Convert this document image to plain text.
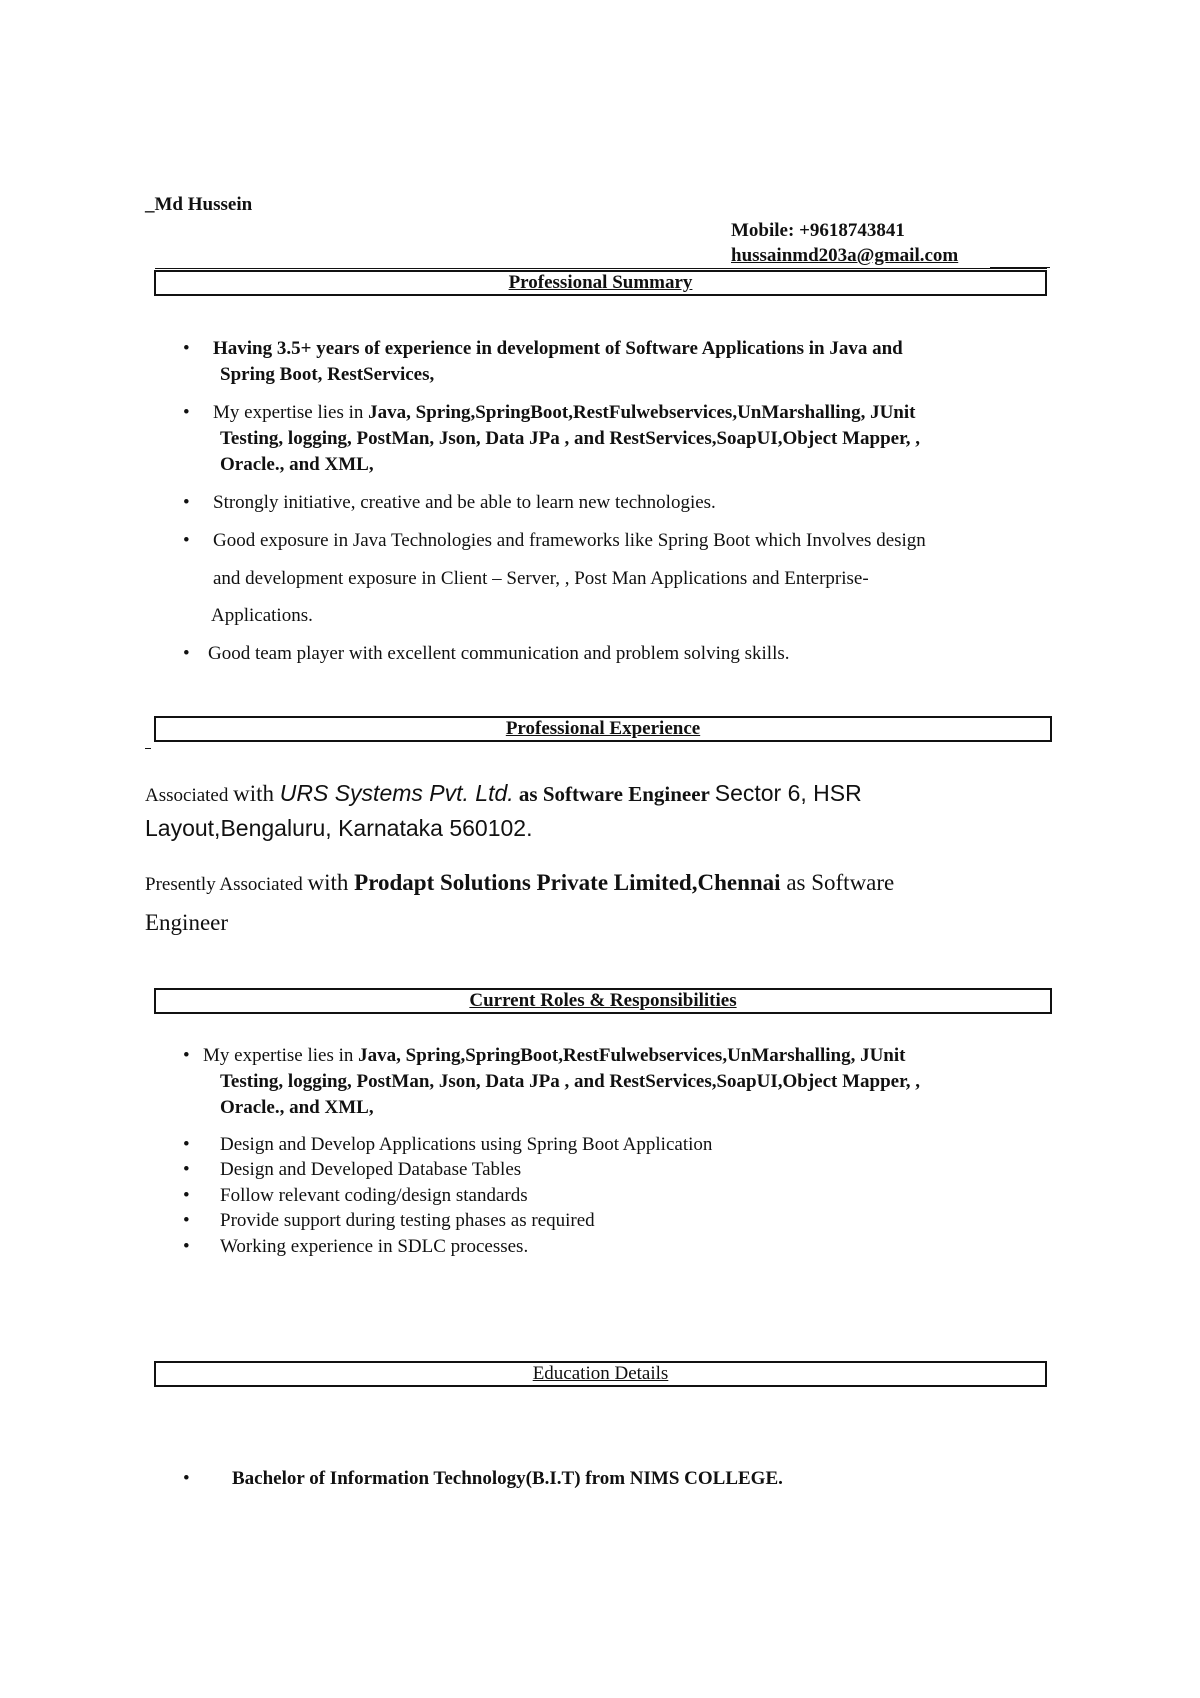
_Md Hussein
Mobile: +9618743841
hussainmd203a@gmail.com
Professional Summary
• Having 3.5+ years of experience in development of Software Applications in Java and
Spring Boot, RestServices,
• My expertise lies in Java, Spring,SpringBoot,RestFulwebservices,UnMarshalling, JUnit
Testing, logging, PostMan, Json, Data JPa , and RestServices,SoapUI,Object Mapper, ,
Oracle., and XML,
• Strongly initiative, creative and be able to learn new technologies.
• Good exposure in Java Technologies and frameworks like Spring Boot which Involves design
and development exposure in Client – Server, , Post Man Applications and Enterprise-
Applications.
• Good team player with excellent communication and problem solving skills.
Professional Experience
Associated with URS Systems Pvt. Ltd. as Software Engineer Sector 6, HSR
Layout,Bengaluru, Karnataka 560102.
Presently Associated with Prodapt Solutions Private Limited,Chennai as Software
Engineer
Current Roles & Responsibilities
• My expertise lies in Java, Spring,SpringBoot,RestFulwebservices,UnMarshalling, JUnit
Testing, logging, PostMan, Json, Data JPa , and RestServices,SoapUI,Object Mapper, ,
Oracle., and XML,
• Design and Develop Applications using Spring Boot Application
• Design and Developed Database Tables
• Follow relevant coding/design standards
• Provide support during testing phases as required
• Working experience in SDLC processes.
Education Details
• Bachelor of Information Technology(B.I.T) from NIMS COLLEGE.
